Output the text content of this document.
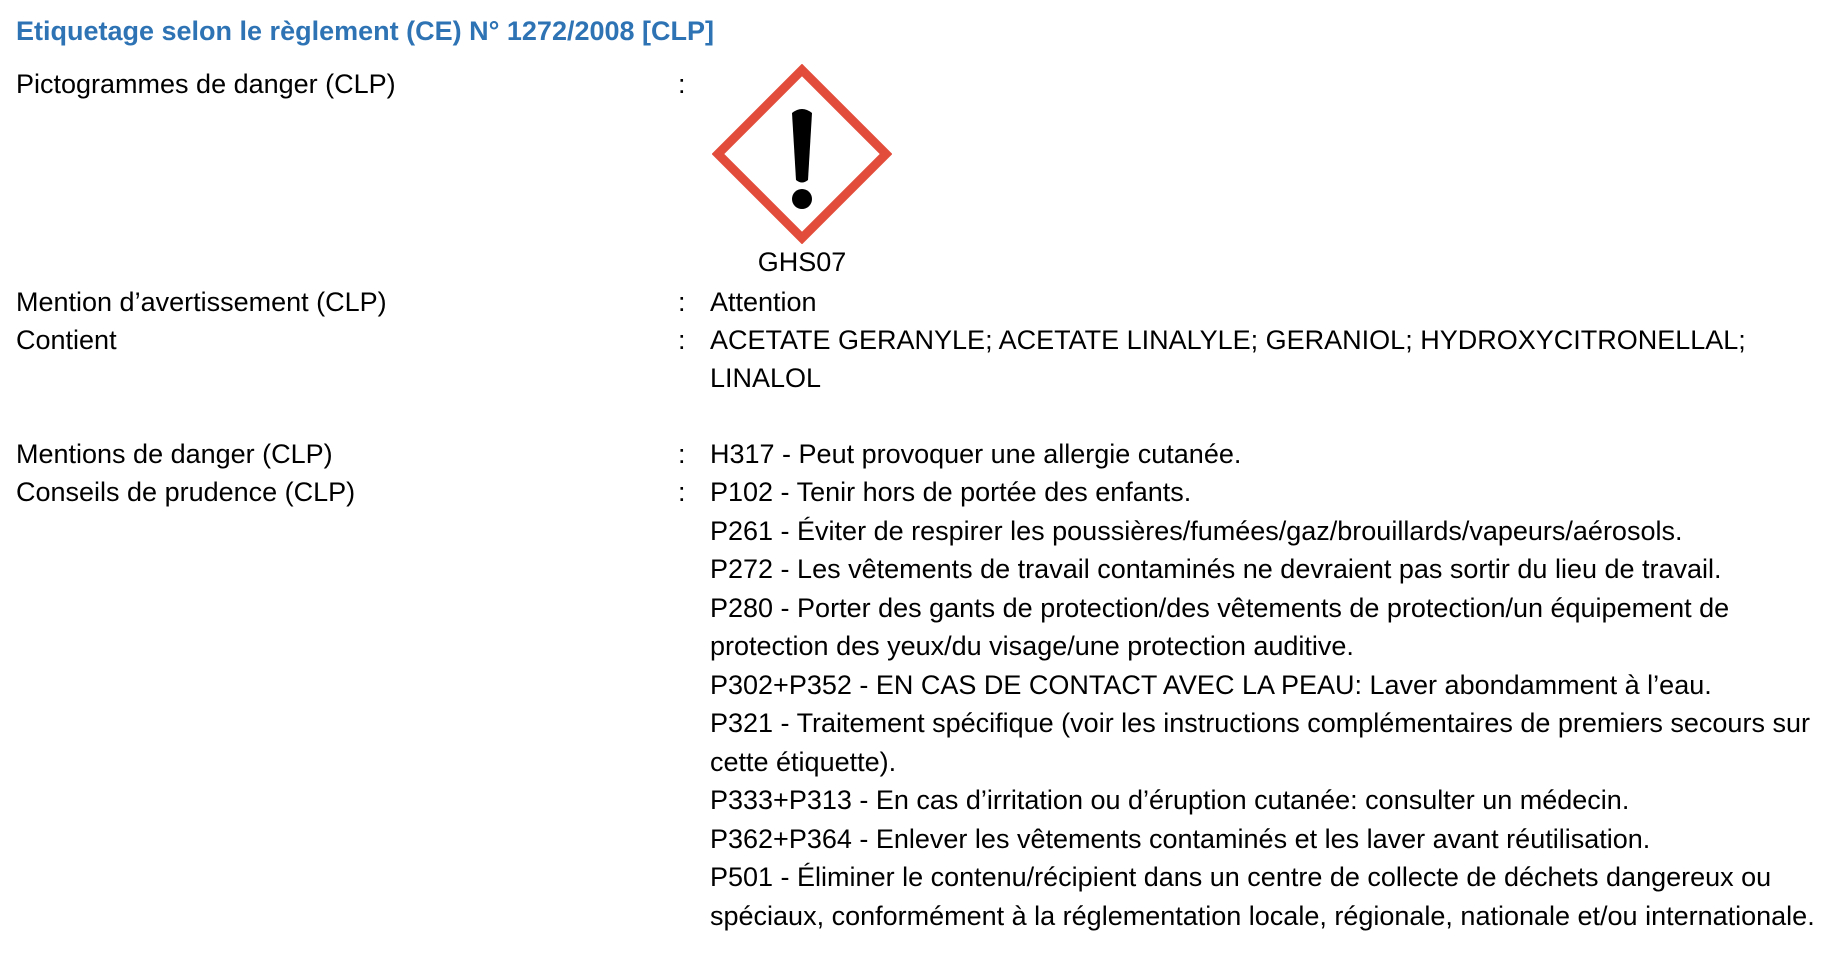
Etiquetage selon le règlement (CE) N° 1272/2008 [CLP]
Pictogrammes de danger (CLP)	:
GHS07
Mention d’avertissement (CLP)	: Attention
Contient	: ACETATE GERANYLE; ACETATE LINALYLE; GERANIOL; HYDROXYCITRONELLAL; LINALOL
Mentions de danger (CLP)	: H317 - Peut provoquer une allergie cutanée.
Conseils de prudence (CLP)	: P102 - Tenir hors de portée des enfants.
P261 - Éviter de respirer les poussières/fumées/gaz/brouillards/vapeurs/aérosols.
P272 - Les vêtements de travail contaminés ne devraient pas sortir du lieu de travail.
P280 - Porter des gants de protection/des vêtements de protection/un équipement de protection des yeux/du visage/une protection auditive.
P302+P352 - EN CAS DE CONTACT AVEC LA PEAU: Laver abondamment à l’eau.
P321 - Traitement spécifique (voir les instructions complémentaires de premiers secours sur cette étiquette).
P333+P313 - En cas d’irritation ou d’éruption cutanée: consulter un médecin.
P362+P364 - Enlever les vêtements contaminés et les laver avant réutilisation.
P501 - Éliminer le contenu/récipient dans un centre de collecte de déchets dangereux ou spéciaux, conformément à la réglementation locale, régionale, nationale et/ou internationale.
